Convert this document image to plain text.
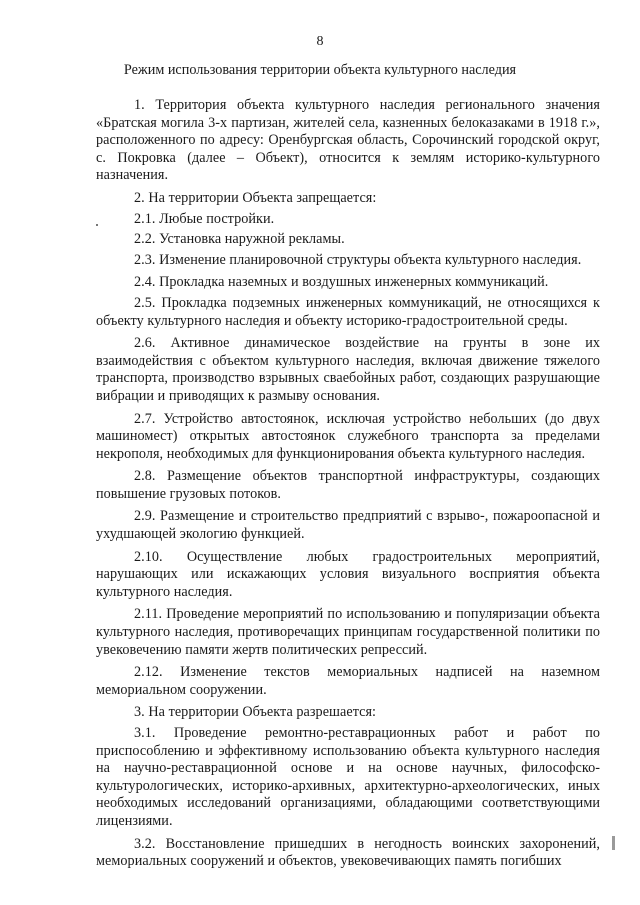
8
Режим использования территории объекта культурного наследия

1. Территория объекта культурного наследия регионального значения «Братская могила 3-х партизан, жителей села, казненных белоказаками в 1918 г.», расположенного по адресу: Оренбургская область, Сорочинский городской округ, с. Покровка (далее – Объект), относится к землям историко-культурного назначения.

2. На территории Объекта запрещается:

2.1. Любые постройки.

2.2. Установка наружной рекламы.

2.3. Изменение планировочной структуры объекта культурного наследия.

2.4. Прокладка наземных и воздушных инженерных коммуникаций.

2.5. Прокладка подземных инженерных коммуникаций, не относящихся к объекту культурного наследия и объекту историко-градостроительной среды.

2.6. Активное динамическое воздействие на грунты в зоне их взаимодействия с объектом культурного наследия, включая движение тяжелого транспорта, производство взрывных сваебойных работ, создающих разрушающие вибрации и приводящих к размыву основания.

2.7. Устройство автостоянок, исключая устройство небольших (до двух машиномест) открытых автостоянок служебного транспорта за пределами некрополя, необходимых для функционирования объекта культурного наследия.

2.8. Размещение объектов транспортной инфраструктуры, создающих повышение грузовых потоков.

2.9. Размещение и строительство предприятий с взрыво-, пожароопасной и ухудшающей экологию функцией.

2.10. Осуществление любых градостроительных мероприятий, нарушающих или искажающих условия визуального восприятия объекта культурного наследия.

2.11. Проведение мероприятий по использованию и популяризации объекта культурного наследия, противоречащих принципам государственной политики по увековечению памяти жертв политических репрессий.

2.12. Изменение текстов мемориальных надписей на наземном мемориальном сооружении.

3. На территории Объекта разрешается:

3.1. Проведение ремонтно-реставрационных работ и работ по приспособлению и эффективному использованию объекта культурного наследия на научно-реставрационной основе и на основе научных, философско-культурологических, историко-архивных, архитектурно-археологических, иных необходимых исследований организациями, обладающими соответствующими лицензиями.

3.2. Восстановление пришедших в негодность воинских захоронений, мемориальных сооружений и объектов, увековечивающих память погибших
